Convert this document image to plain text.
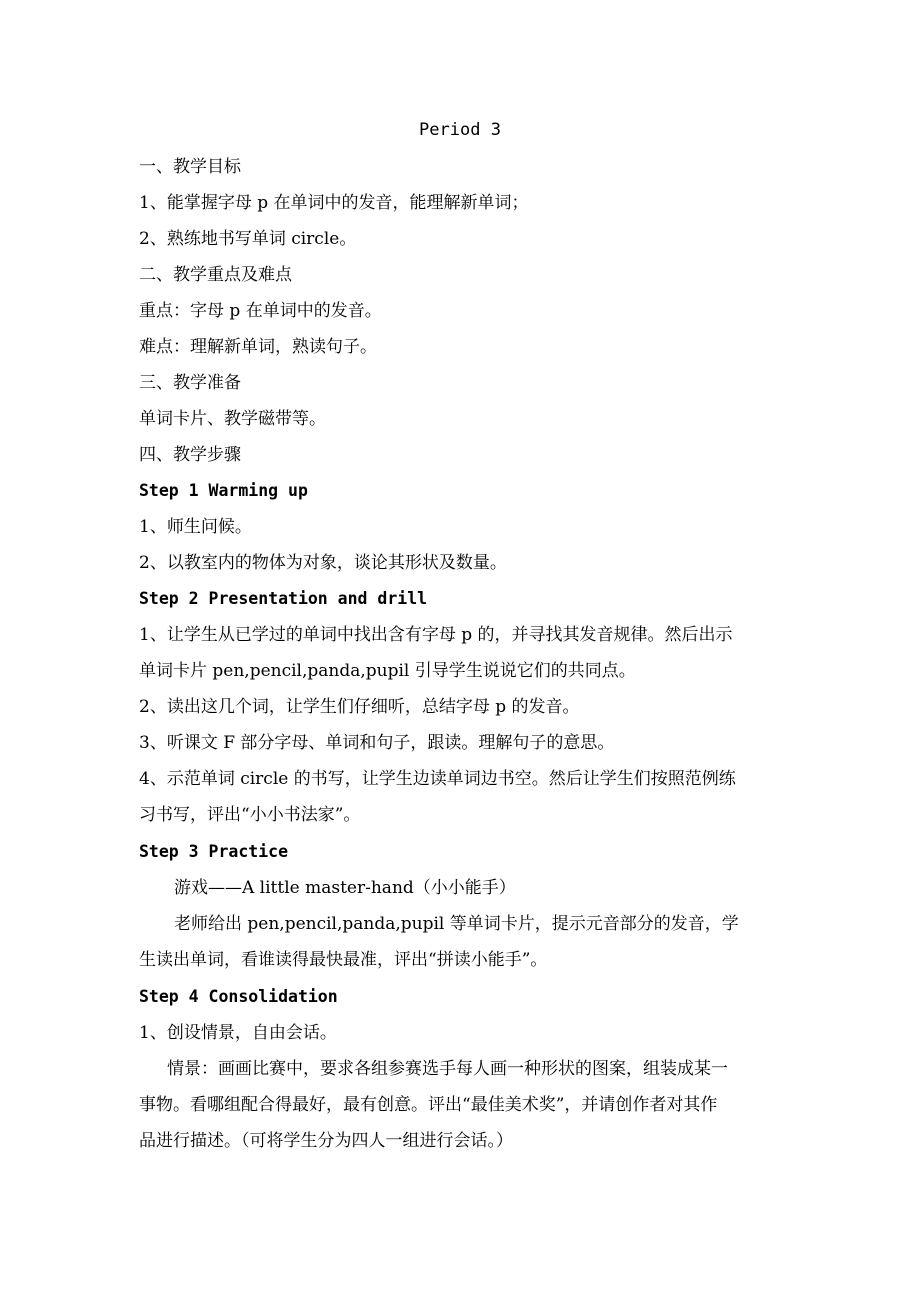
Period 3
一、教学目标
1、能掌握字母 p 在单词中的发音，能理解新单词；
2、熟练地书写单词 circle。
二、教学重点及难点
重点：字母 p 在单词中的发音。
难点：理解新单词，熟读句子。
三、教学准备
单词卡片、教学磁带等。
四、教学步骤
Step 1 Warming up
1、师生问候。
2、以教室内的物体为对象，谈论其形状及数量。
Step 2 Presentation and drill
1、让学生从已学过的单词中找出含有字母 p 的，并寻找其发音规律。然后出示
单词卡片 pen,pencil,panda,pupil 引导学生说说它们的共同点。
2、读出这几个词，让学生们仔细听，总结字母 p 的发音。
3、听课文 F 部分字母、单词和句子，跟读。理解句子的意思。
4、示范单词 circle 的书写，让学生边读单词边书空。然后让学生们按照范例练
习书写，评出“小小书法家”。
Step 3 Practice
游戏——A little master-hand（小小能手）
老师给出 pen,pencil,panda,pupil 等单词卡片，提示元音部分的发音，学
生读出单词，看谁读得最快最准，评出“拼读小能手”。
Step 4 Consolidation
1、创设情景，自由会话。
情景：画画比赛中，要求各组参赛选手每人画一种形状的图案，组装成某一
事物。看哪组配合得最好，最有创意。评出“最佳美术奖”，并请创作者对其作
品进行描述。（可将学生分为四人一组进行会话。）
